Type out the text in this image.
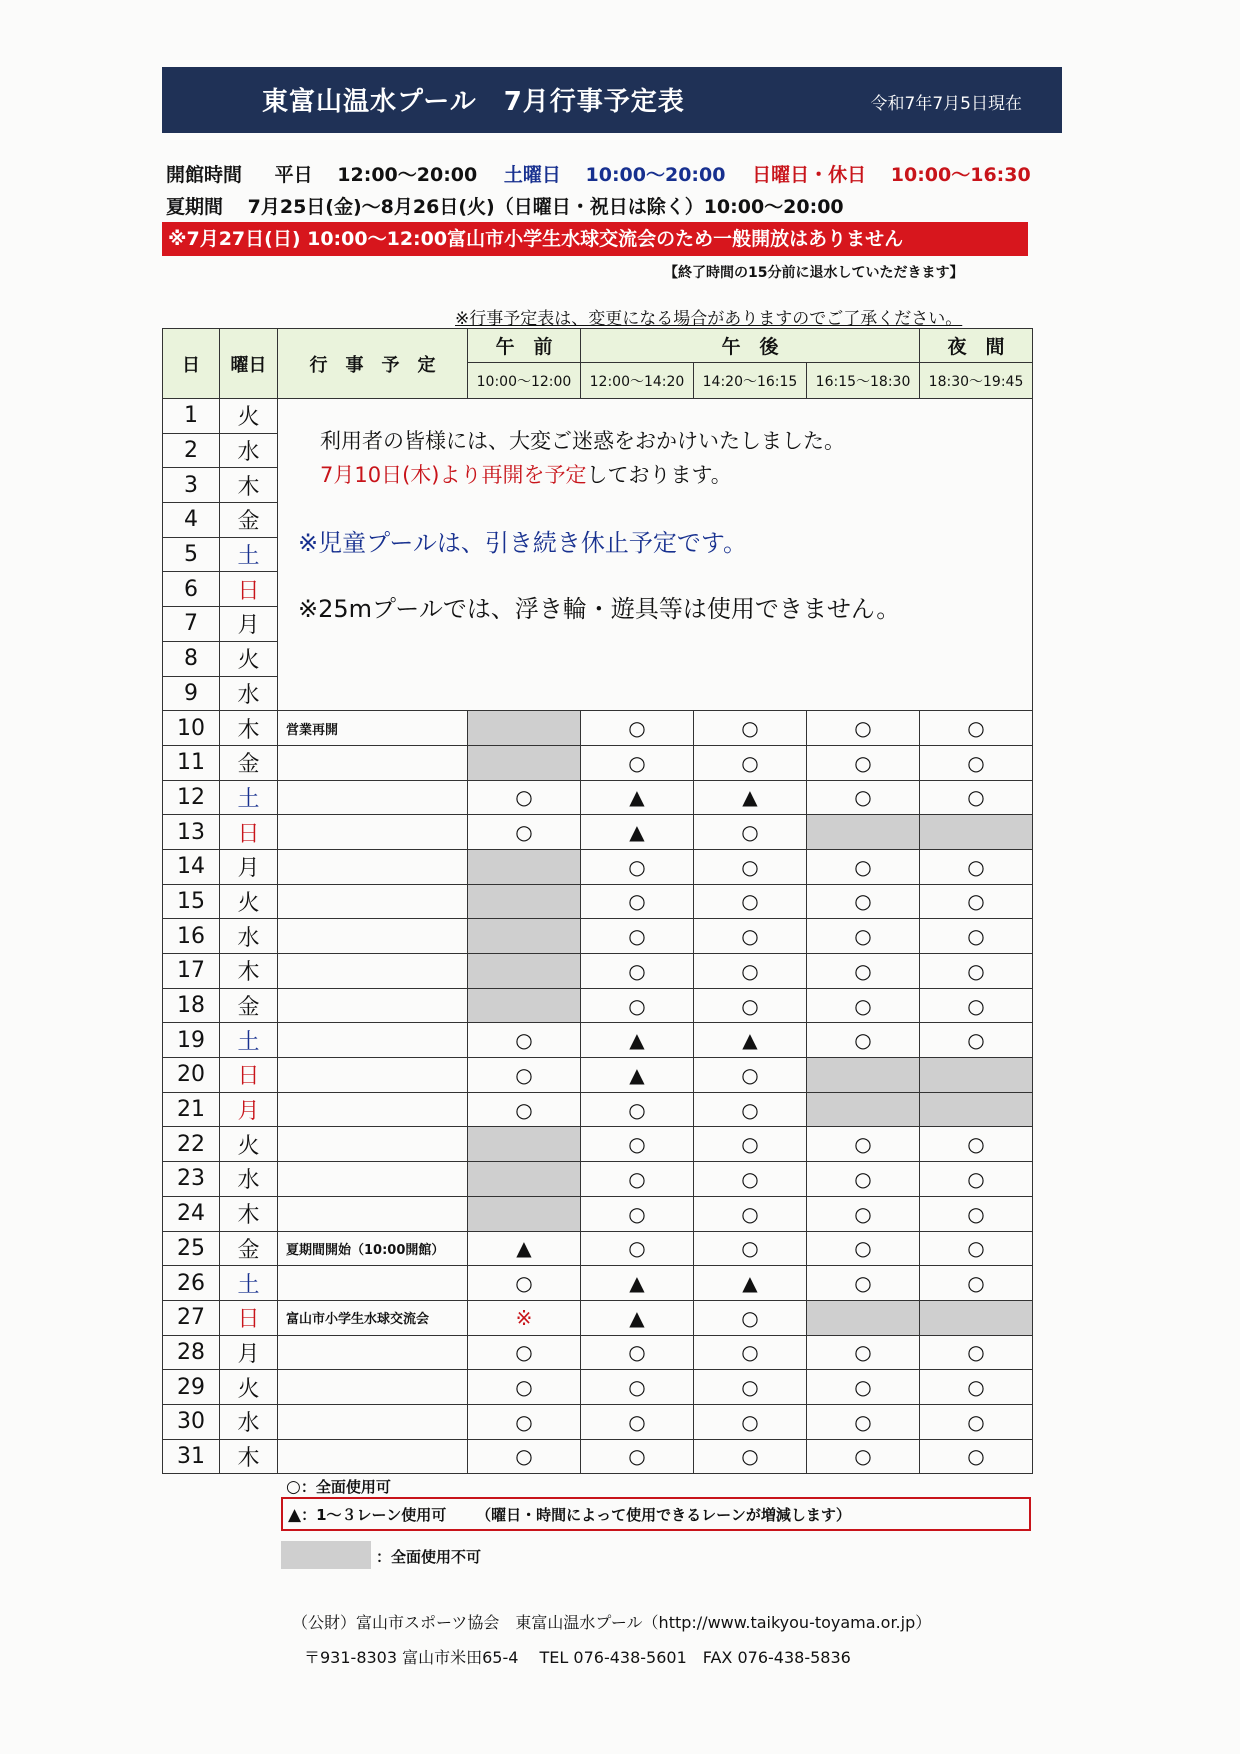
東富山温水プール　7月行事予定表	令和7年7月5日現在
開館時間 平日 12:00～20:00 土曜日 10:00～20:00 日曜日・休日 10:00～16:30
夏期間 7月25日(金)～8月26日(火)（日曜日・祝日は除く）10:00～20:00
※7月27日(日) 10:00～12:00富山市小学生水球交流会のため一般開放はありません
【終了時間の15分前に退水していただきます】
※行事予定表は、変更になる場合がありますのでご了承ください。
日	曜日	行　事　予　定	午　前	午　後			夜　間
			10:00～12:00	12:00～14:20	14:20～16:15	16:15～18:30	18:30～19:45
1	火	利用者の皆様には、大変ご迷惑をおかけいたしました。
7月10日(木)より再開を予定しております。
※児童プールは、引き続き休止予定です。
※25mプールでは、浮き輪・遊具等は使用できません。					

2	水						
3	木						
4	金						
5	土						
6	日						
7	月						
8	火						
9	水						
10	木	営業再開		○	○	○	○
11	金			○	○	○	○
12	土		○	▲	▲	○	○
13	日		○	▲	○		
14	月			○	○	○	○
15	火			○	○	○	○
16	水			○	○	○	○
17	木			○	○	○	○
18	金			○	○	○	○
19	土		○	▲	▲	○	○
20	日		○	▲	○		
21	月		○	○	○		
22	火			○	○	○	○
23	水			○	○	○	○
24	木			○	○	○	○
25	金	夏期間開始（10:00開館）	▲	○	○	○	○
26	土		○	▲	▲	○	○
27	日	富山市小学生水球交流会	※	▲	○		
28	月		○	○	○	○	○
29	火		○	○	○	○	○
30	水		○	○	○	○	○
31	木		○	○	○	○	○
○：全面使用可
▲：1～３レーン使用可 （曜日・時間によって使用できるレーンが増減します）
：全面使用不可
（公財）富山市スポーツ協会　東富山温水プール（http://www.taikyou-toyama.or.jp）
〒931-8303 富山市米田65-4　 TEL 076-438-5601　FAX 076-438-5836
